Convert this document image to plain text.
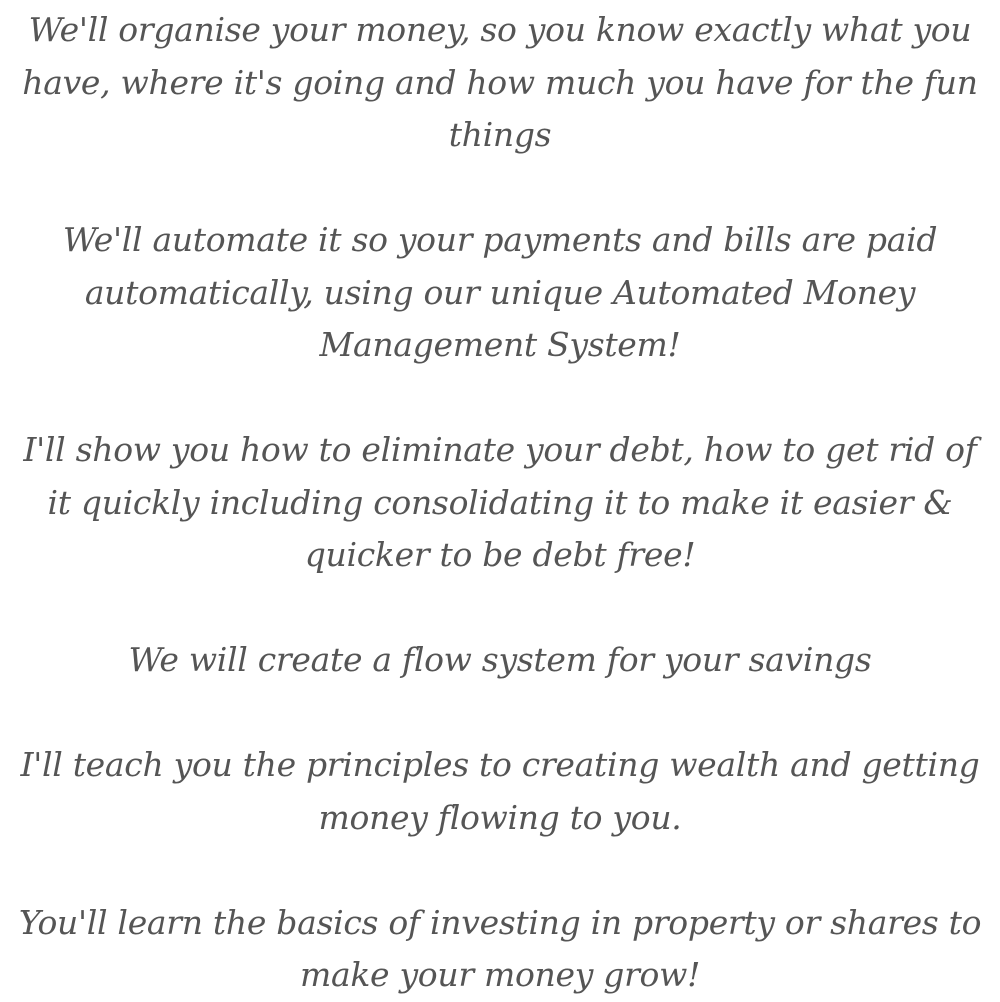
We'll organise your money, so you know exactly what you have, where it's going and how much you have for the fun things

We'll automate it so your payments and bills are paid automatically, using our unique Automated Money Management System!

I'll show you how to eliminate your debt, how to get rid of it quickly including consolidating it to make it easier & quicker to be debt free!

We will create a flow system for your savings

I'll teach you the principles to creating wealth and getting money flowing to you.

You'll learn the basics of investing in property or shares to make your money grow!
